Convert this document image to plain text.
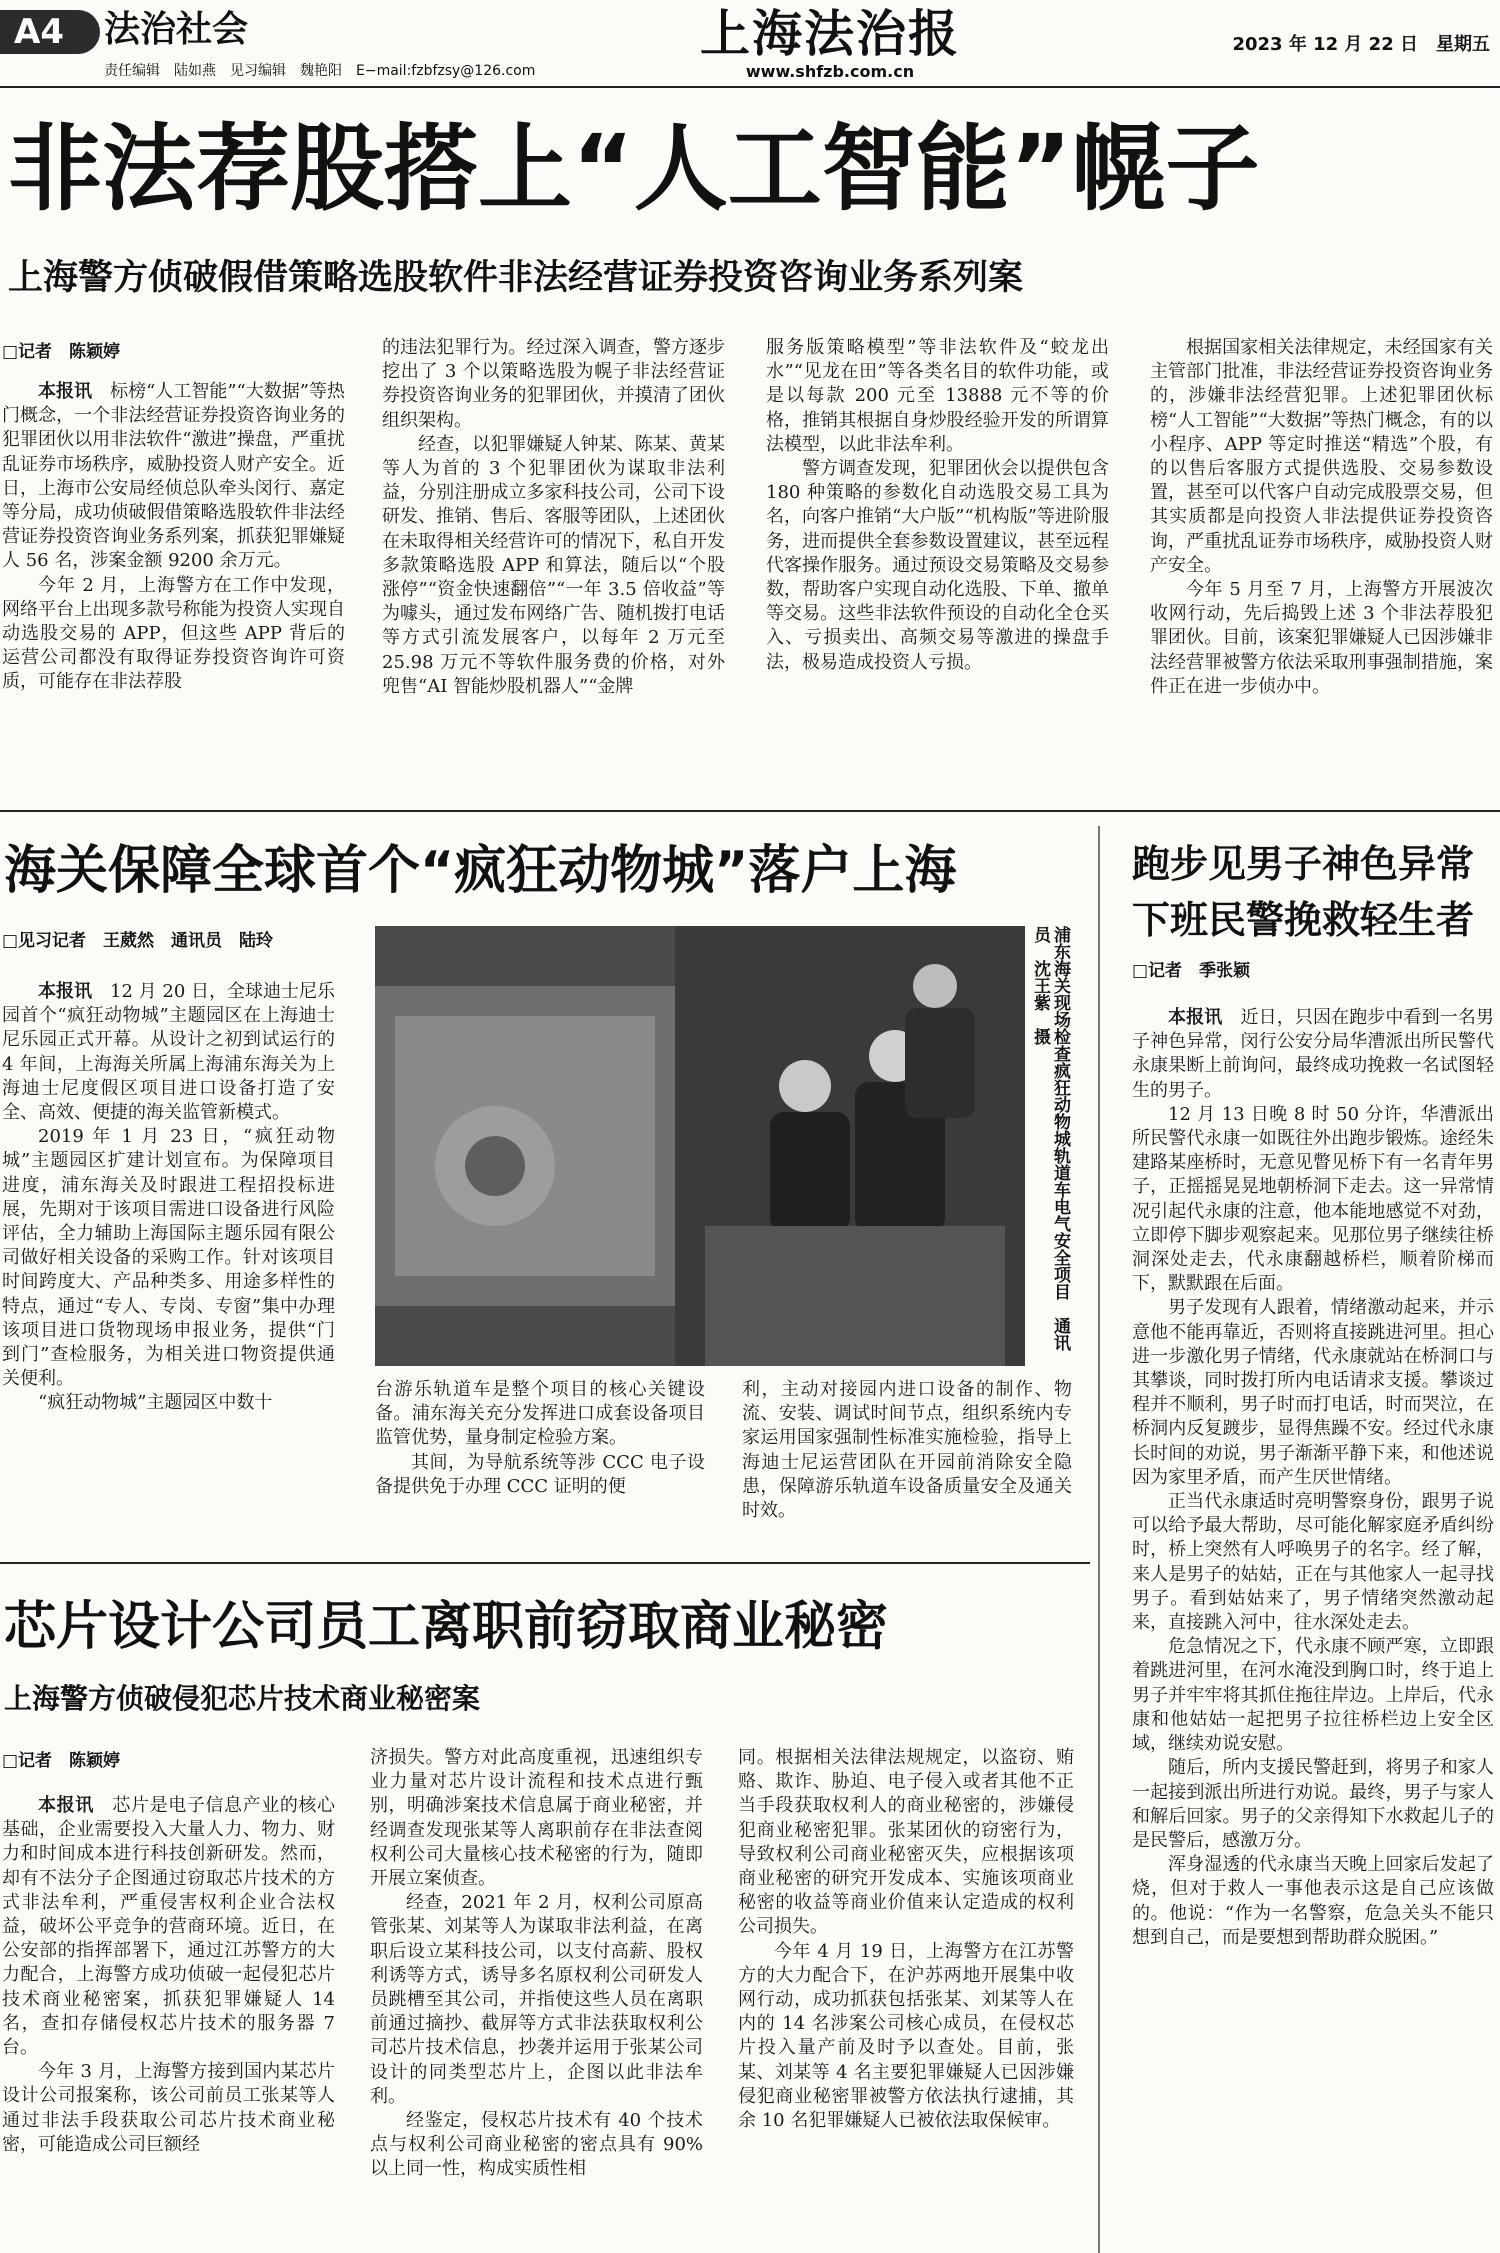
A4	法治社会
责任编辑　陆如燕　见习编辑　魏艳阳　E−mail:fzbfzsy@126.com
上海法治报
www.shfzb.com.cn
2023 年 12 月 22 日　星期五
非法荐股搭上“人工智能”幌子
上海警方侦破假借策略选股软件非法经营证券投资咨询业务系列案
□记者　陈颖婷

本报讯　 标榜“人工智能”“大数据”等热门概念，一个非法经营证券投资咨询业务的犯罪团伙以用非法软件“激进”操盘，严重扰乱证券市场秩序，威胁投资人财产安全。近日，上海市公安局经侦总队牵头闵行、嘉定等分局，成功侦破假借策略选股软件非法经营证券投资咨询业务系列案，抓获犯罪嫌疑人 56 名，涉案金额 9200 余万元。

今年 2 月，上海警方在工作中发现，网络平台上出现多款号称能为投资人实现自动选股交易的 APP，但这些 APP 背后的运营公司都没有取得证券投资咨询许可资质，可能存在非法荐股

的违法犯罪行为。经过深入调查，警方逐步挖出了 3 个以策略选股为幌子非法经营证券投资咨询业务的犯罪团伙，并摸清了团伙组织架构。

经查，以犯罪嫌疑人钟某、陈某、黄某等人为首的 3 个犯罪团伙为谋取非法利益，分别注册成立多家科技公司，公司下设研发、推销、售后、客服等团队，上述团伙在未取得相关经营许可的情况下，私自开发多款策略选股 APP 和算法，随后以“个股涨停”“资金快速翻倍”“一年 3.5 倍收益”等为噱头，通过发布网络广告、随机拨打电话等方式引流发展客户，以每年 2 万元至 25.98 万元不等软件服务费的价格，对外兜售“AI 智能炒股机器人”“金牌

服务版策略模型”等非法软件及“蛟龙出水”“见龙在田”等各类名目的软件功能，或是以每款 200 元至 13888 元不等的价格，推销其根据自身炒股经验开发的所谓算法模型，以此非法牟利。

警方调查发现，犯罪团伙会以提供包含 180 种策略的参数化自动选股交易工具为名，向客户推销“大户版”“机构版”等进阶服务，进而提供全套参数设置建议，甚至远程代客操作服务。通过预设交易策略及交易参数，帮助客户实现自动化选股、下单、撤单等交易。这些非法软件预设的自动化全仓买入、亏损卖出、高频交易等激进的操盘手法，极易造成投资人亏损。

根据国家相关法律规定，未经国家有关主管部门批准，非法经营证券投资咨询业务的，涉嫌非法经营犯罪。上述犯罪团伙标榜“人工智能”“大数据”等热门概念，有的以小程序、APP 等定时推送“精选”个股，有的以售后客服方式提供选股、交易参数设置，甚至可以代客户自动完成股票交易，但其实质都是向投资人非法提供证券投资咨询，严重扰乱证券市场秩序，威胁投资人财产安全。

今年 5 月至 7 月，上海警方开展波次收网行动，先后捣毁上述 3 个非法荐股犯罪团伙。目前，该案犯罪嫌疑人已因涉嫌非法经营罪被警方依法采取刑事强制措施，案件正在进一步侦办中。

海关保障全球首个“疯狂动物城”落户上海
□见习记者　王葳然　通讯员　陆玲

本报讯　 12 月 20 日，全球迪士尼乐园首个“疯狂动物城”主题园区在上海迪士尼乐园正式开幕。从设计之初到试运行的 4 年间，上海海关所属上海浦东海关为上海迪士尼度假区项目进口设备打造了安全、高效、便捷的海关监管新模式。

2019 年 1 月 23 日，“疯狂动物城”主题园区扩建计划宣布。为保障项目进度，浦东海关及时跟进工程招投标进展，先期对于该项目需进口设备进行风险评估，全力辅助上海国际主题乐园有限公司做好相关设备的采购工作。针对该项目时间跨度大、产品种类多、用途多样性的特点，通过“专人、专岗、专窗”集中办理该项目进口货物现场申报业务，提供“门到门”查检服务，为相关进口物资提供通关便利。

“疯狂动物城”主题园区中数十

浦东海关现场检查疯狂动物城轨道车电气安全项目　通讯员　沈王紫　摄

台游乐轨道车是整个项目的核心关键设备。浦东海关充分发挥进口成套设备项目监管优势，量身制定检验方案。

其间，为导航系统等涉 CCC 电子设备提供免于办理 CCC 证明的便

利，主动对接园内进口设备的制作、物流、安装、调试时间节点，组织系统内专家运用国家强制性标准实施检验，指导上海迪士尼运营团队在开园前消除安全隐患，保障游乐轨道车设备质量安全及通关时效。

跑步见男子神色异常
下班民警挽救轻生者
□记者　季张颖

本报讯　 近日，只因在跑步中看到一名男子神色异常，闵行公安分局华漕派出所民警代永康果断上前询问，最终成功挽救一名试图轻生的男子。

12 月 13 日晚 8 时 50 分许，华漕派出所民警代永康一如既往外出跑步锻炼。途经朱建路某座桥时，无意见瞥见桥下有一名青年男子，正摇摇晃晃地朝桥洞下走去。这一异常情况引起代永康的注意，他本能地感觉不对劲，立即停下脚步观察起来。见那位男子继续往桥洞深处走去，代永康翻越桥栏，顺着阶梯而下，默默跟在后面。

男子发现有人跟着，情绪激动起来，并示意他不能再靠近，否则将直接跳进河里。担心进一步激化男子情绪，代永康就站在桥洞口与其攀谈，同时拨打所内电话请求支援。攀谈过程并不顺利，男子时而打电话，时而哭泣，在桥洞内反复踱步，显得焦躁不安。经过代永康长时间的劝说，男子渐渐平静下来，和他述说因为家里矛盾，而产生厌世情绪。

正当代永康适时亮明警察身份，跟男子说可以给予最大帮助，尽可能化解家庭矛盾纠纷时，桥上突然有人呼唤男子的名字。经了解，来人是男子的姑姑，正在与其他家人一起寻找男子。看到姑姑来了，男子情绪突然激动起来，直接跳入河中，往水深处走去。

危急情况之下，代永康不顾严寒，立即跟着跳进河里，在河水淹没到胸口时，终于追上男子并牢牢将其抓住拖往岸边。上岸后，代永康和他姑姑一起把男子拉往桥栏边上安全区域，继续劝说安慰。

随后，所内支援民警赶到，将男子和家人一起接到派出所进行劝说。最终，男子与家人和解后回家。男子的父亲得知下水救起儿子的是民警后，感激万分。

浑身湿透的代永康当天晚上回家后发起了烧，但对于救人一事他表示这是自己应该做的。他说：“作为一名警察，危急关头不能只想到自己，而是要想到帮助群众脱困。”

芯片设计公司员工离职前窃取商业秘密
上海警方侦破侵犯芯片技术商业秘密案
□记者　陈颖婷

本报讯　 芯片是电子信息产业的核心基础，企业需要投入大量人力、物力、财力和时间成本进行科技创新研发。然而，却有不法分子企图通过窃取芯片技术的方式非法牟利，严重侵害权利企业合法权益，破坏公平竞争的营商环境。近日，在公安部的指挥部署下，通过江苏警方的大力配合，上海警方成功侦破一起侵犯芯片技术商业秘密案，抓获犯罪嫌疑人 14 名，查扣存储侵权芯片技术的服务器 7 台。

今年 3 月，上海警方接到国内某芯片设计公司报案称，该公司前员工张某等人通过非法手段获取公司芯片技术商业秘密，可能造成公司巨额经

济损失。警方对此高度重视，迅速组织专业力量对芯片设计流程和技术点进行甄别，明确涉案技术信息属于商业秘密，并经调查发现张某等人离职前存在非法查阅权利公司大量核心技术秘密的行为，随即开展立案侦查。

经查，2021 年 2 月，权利公司原高管张某、刘某等人为谋取非法利益，在离职后设立某科技公司，以支付高薪、股权利诱等方式，诱导多名原权利公司研发人员跳槽至其公司，并指使这些人员在离职前通过摘抄、截屏等方式非法获取权利公司芯片技术信息，抄袭并运用于张某公司设计的同类型芯片上，企图以此非法牟利。

经鉴定，侵权芯片技术有 40 个技术点与权利公司商业秘密的密点具有 90%以上同一性，构成实质性相

同。根据相关法律法规规定，以盗窃、贿赂、欺诈、胁迫、电子侵入或者其他不正当手段获取权利人的商业秘密的，涉嫌侵犯商业秘密犯罪。张某团伙的窃密行为，导致权利公司商业秘密灭失，应根据该项商业秘密的研究开发成本、实施该项商业秘密的收益等商业价值来认定造成的权利公司损失。

今年 4 月 19 日，上海警方在江苏警方的大力配合下，在沪苏两地开展集中收网行动，成功抓获包括张某、刘某等人在内的 14 名涉案公司核心成员，在侵权芯片投入量产前及时予以查处。目前，张某、刘某等 4 名主要犯罪嫌疑人已因涉嫌侵犯商业秘密罪被警方依法执行逮捕，其余 10 名犯罪嫌疑人已被依法取保候审。
